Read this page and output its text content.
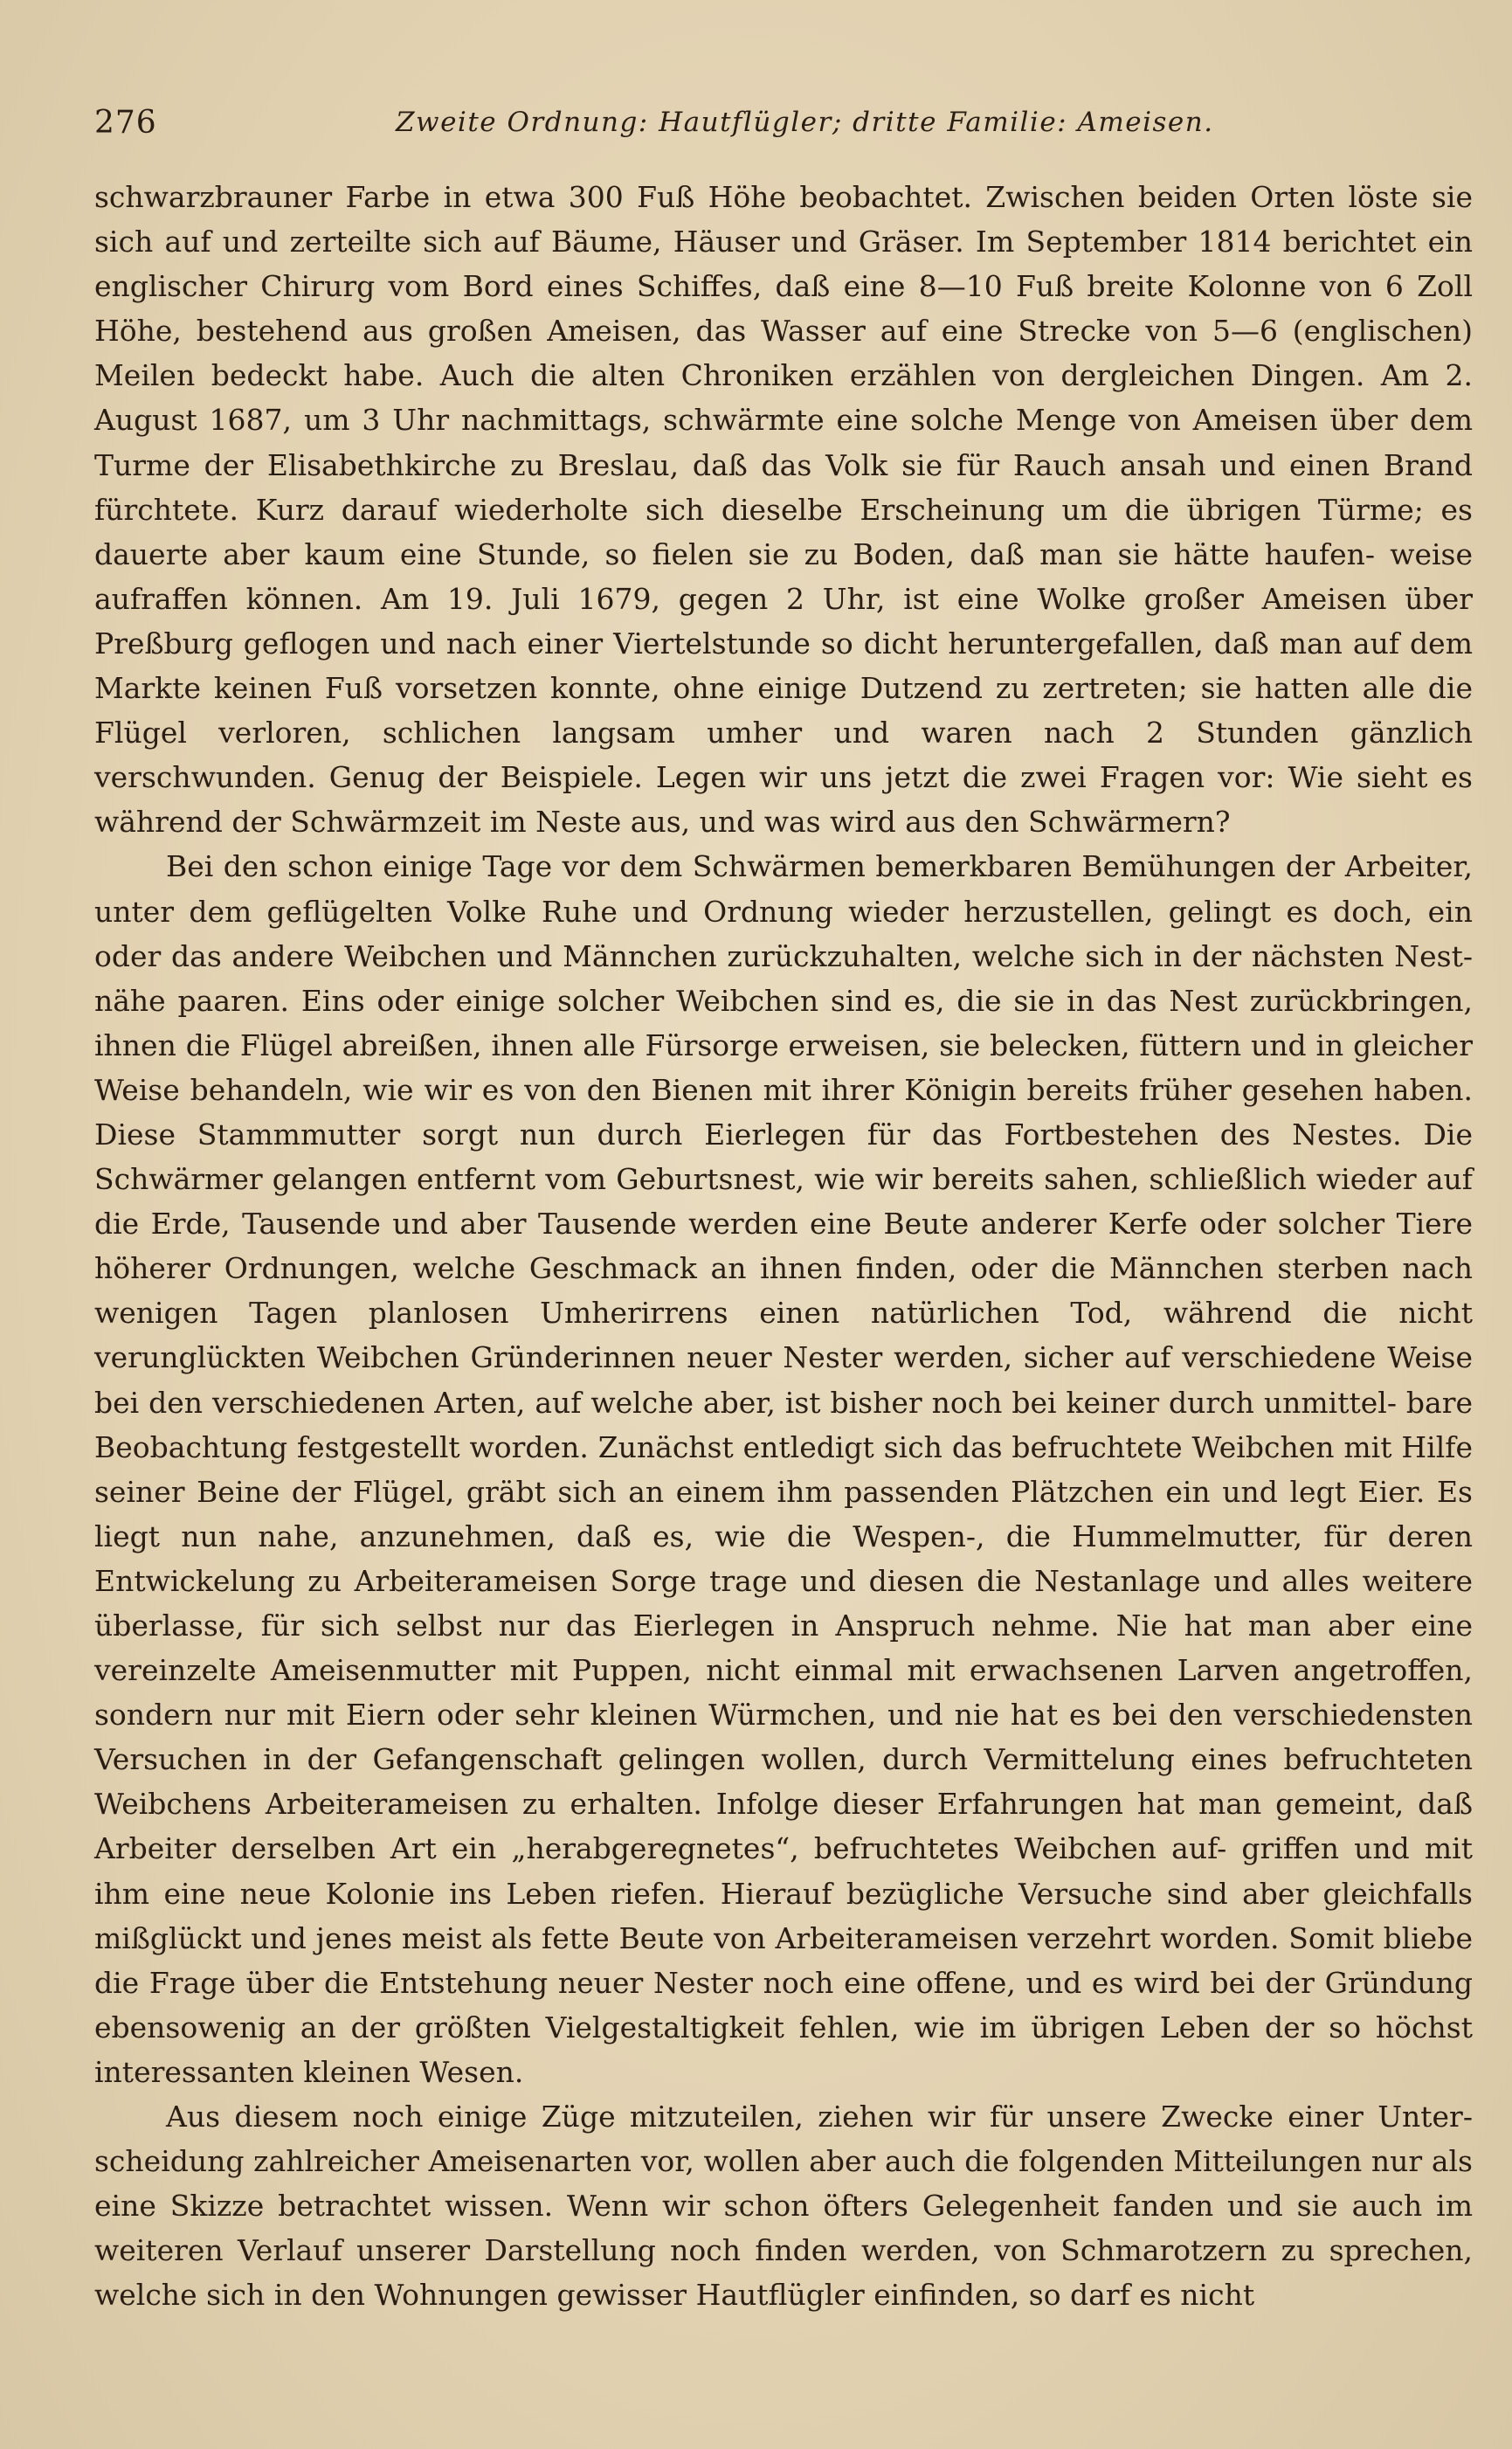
276	Zweite Ordnung: Hautflügler; dritte Familie: Ameisen.

schwarzbrauner Farbe in etwa 300 Fuß Höhe beobachtet. Zwischen beiden Orten löste sie sich auf und zerteilte sich auf Bäume, Häuser und Gräser. Im September 1814 berichtet ein englischer Chirurg vom Bord eines Schiffes, daß eine 8—10 Fuß breite Kolonne von 6 Zoll Höhe, bestehend aus großen Ameisen, das Wasser auf eine Strecke von 5—6 (englischen) Meilen bedeckt habe. Auch die alten Chroniken erzählen von dergleichen Dingen. Am 2. August 1687, um 3 Uhr nachmittags, schwärmte eine solche Menge von Ameisen über dem Turme der Elisabethkirche zu Breslau, daß das Volk sie für Rauch ansah und einen Brand fürchtete. Kurz darauf wiederholte sich dieselbe Erscheinung um die übrigen Türme; es dauerte aber kaum eine Stunde, so fielen sie zu Boden, daß man sie hätte haufen- weise aufraffen können. Am 19. Juli 1679, gegen 2 Uhr, ist eine Wolke großer Ameisen über Preßburg geflogen und nach einer Viertelstunde so dicht heruntergefallen, daß man auf dem Markte keinen Fuß vorsetzen konnte, ohne einige Dutzend zu zertreten; sie hatten alle die Flügel verloren, schlichen langsam umher und waren nach 2 Stunden gänzlich verschwunden. Genug der Beispiele. Legen wir uns jetzt die zwei Fragen vor: Wie sieht es während der Schwärmzeit im Neste aus, und was wird aus den Schwärmern?

Bei den schon einige Tage vor dem Schwärmen bemerkbaren Bemühungen der Arbeiter, unter dem geflügelten Volke Ruhe und Ordnung wieder herzustellen, gelingt es doch, ein oder das andere Weibchen und Männchen zurückzuhalten, welche sich in der nächsten Nest- nähe paaren. Eins oder einige solcher Weibchen sind es, die sie in das Nest zurückbringen, ihnen die Flügel abreißen, ihnen alle Fürsorge erweisen, sie belecken, füttern und in gleicher Weise behandeln, wie wir es von den Bienen mit ihrer Königin bereits früher gesehen haben. Diese Stammmutter sorgt nun durch Eierlegen für das Fortbestehen des Nestes. Die Schwärmer gelangen entfernt vom Geburtsnest, wie wir bereits sahen, schließlich wieder auf die Erde, Tausende und aber Tausende werden eine Beute anderer Kerfe oder solcher Tiere höherer Ordnungen, welche Geschmack an ihnen finden, oder die Männchen sterben nach wenigen Tagen planlosen Umherirrens einen natürlichen Tod, während die nicht verunglückten Weibchen Gründerinnen neuer Nester werden, sicher auf verschiedene Weise bei den verschiedenen Arten, auf welche aber, ist bisher noch bei keiner durch unmittel- bare Beobachtung festgestellt worden. Zunächst entledigt sich das befruchtete Weibchen mit Hilfe seiner Beine der Flügel, gräbt sich an einem ihm passenden Plätzchen ein und legt Eier. Es liegt nun nahe, anzunehmen, daß es, wie die Wespen-, die Hummelmutter, für deren Entwickelung zu Arbeiterameisen Sorge trage und diesen die Nestanlage und alles weitere überlasse, für sich selbst nur das Eierlegen in Anspruch nehme. Nie hat man aber eine vereinzelte Ameisenmutter mit Puppen, nicht einmal mit erwachsenen Larven angetroffen, sondern nur mit Eiern oder sehr kleinen Würmchen, und nie hat es bei den verschiedensten Versuchen in der Gefangenschaft gelingen wollen, durch Vermittelung eines befruchteten Weibchens Arbeiterameisen zu erhalten. Infolge dieser Erfahrungen hat man gemeint, daß Arbeiter derselben Art ein „herabgeregnetes“, befruchtetes Weibchen auf- griffen und mit ihm eine neue Kolonie ins Leben riefen. Hierauf bezügliche Versuche sind aber gleichfalls mißglückt und jenes meist als fette Beute von Arbeiterameisen verzehrt worden. Somit bliebe die Frage über die Entstehung neuer Nester noch eine offene, und es wird bei der Gründung ebensowenig an der größten Vielgestaltigkeit fehlen, wie im übrigen Leben der so höchst interessanten kleinen Wesen.

Aus diesem noch einige Züge mitzuteilen, ziehen wir für unsere Zwecke einer Unter- scheidung zahlreicher Ameisenarten vor, wollen aber auch die folgenden Mitteilungen nur als eine Skizze betrachtet wissen. Wenn wir schon öfters Gelegenheit fanden und sie auch im weiteren Verlauf unserer Darstellung noch finden werden, von Schmarotzern zu sprechen, welche sich in den Wohnungen gewisser Hautflügler einfinden, so darf es nicht
